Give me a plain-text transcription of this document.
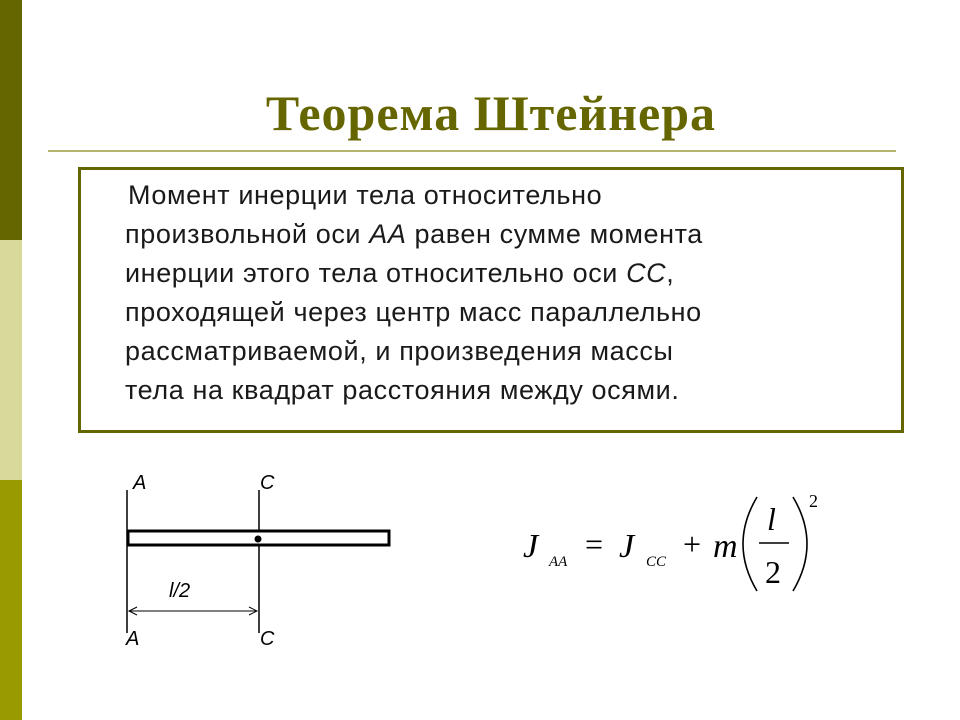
Теорема Штейнера

Момент инерции тела относительно
произвольной оси АА равен сумме момента
инерции этого тела относительно оси СС,
проходящей через центр масс параллельно
рассматриваемой, и произведения массы
тела на квадрат расстояния между осями.

A	C
l/2
A	C
J AA = J CC + m
l
2
2
